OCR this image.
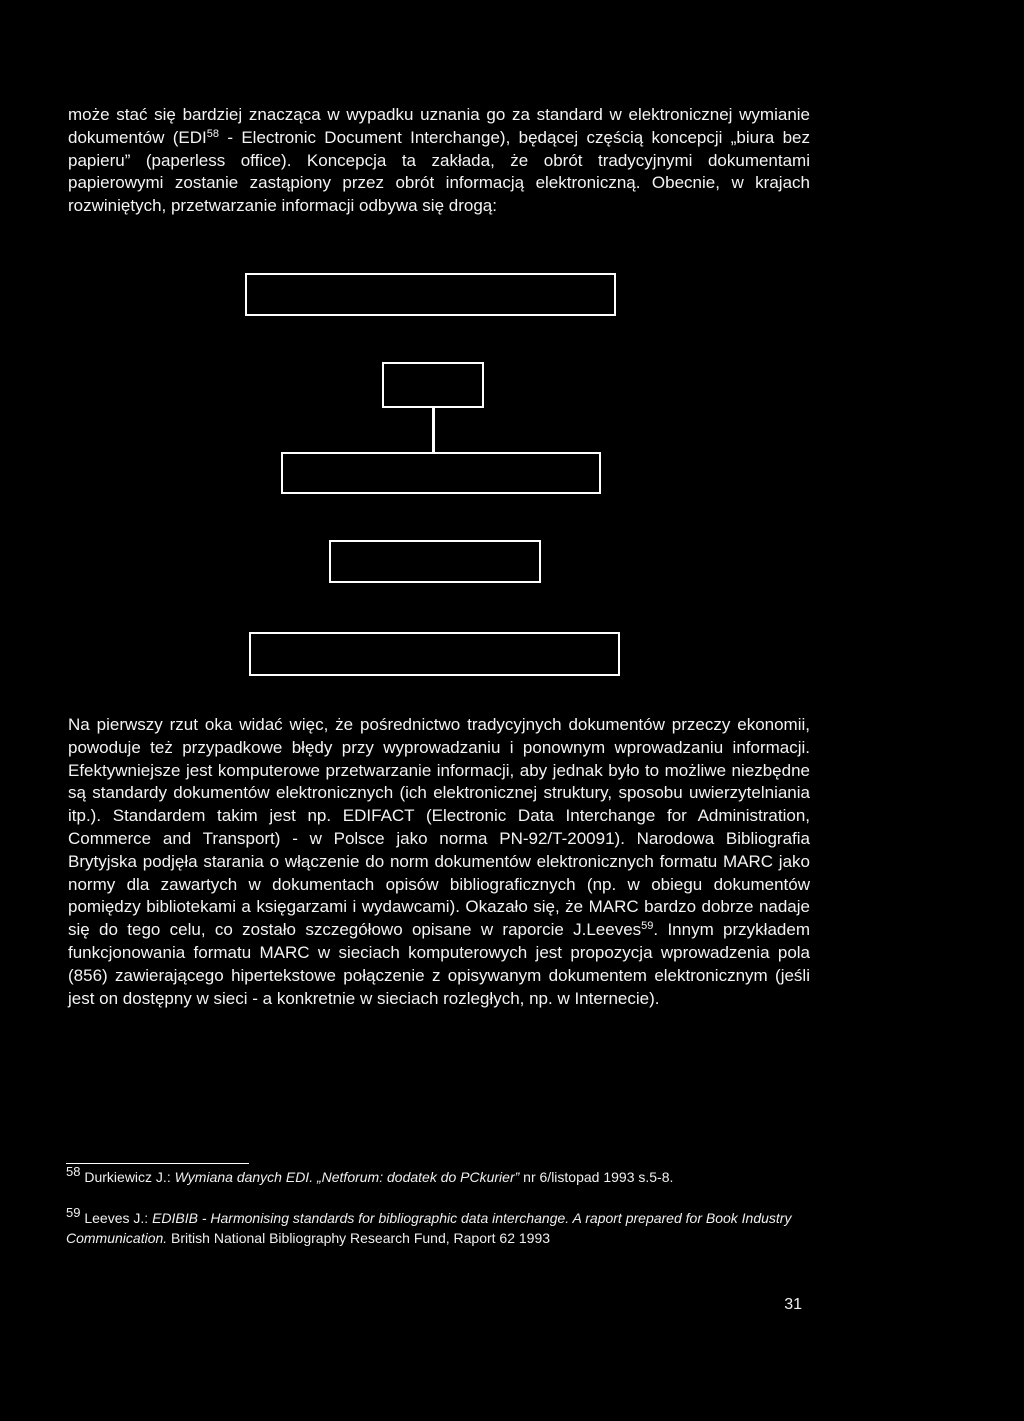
może stać się bardziej znacząca w wypadku uznania go za standard w elektronicznej wymianie dokumentów (EDI$^{58}$ - Electronic Document Interchange), będącej częścią koncepcji „biura bez papieru” (paperless office). Koncepcja ta zakłada, że obrót tradycyjnymi dokumentami papierowymi zostanie zastąpiony przez obrót informacją elektroniczną. Obecnie, w krajach rozwiniętych, przetwarzanie informacji odbywa się drogą:

Na pierwszy rzut oka widać więc, że pośrednictwo tradycyjnych dokumentów przeczy ekonomii, powoduje też przypadkowe błędy przy wyprowadzaniu i ponownym wprowadzaniu informacji. Efektywniejsze jest komputerowe przetwarzanie informacji, aby jednak było to możliwe niezbędne są standardy dokumentów elektronicznych (ich elektronicznej struktury, sposobu uwierzytelniania itp.). Standardem takim jest np. EDIFACT (Electronic Data Interchange for Administration, Commerce and Transport) - w Polsce jako norma PN-92/T-20091). Narodowa Bibliografia Brytyjska podjęła starania o włączenie do norm dokumentów elektronicznych formatu MARC jako normy dla zawartych w dokumentach opisów bibliograficznych (np. w obiegu dokumentów pomiędzy bibliotekami a księgarzami i wydawcami). Okazało się, że MARC bardzo dobrze nadaje się do tego celu, co zostało szczegółowo opisane w raporcie J.Leeves$^{59}$. Innym przykładem funkcjonowania formatu MARC w sieciach komputerowych jest propozycja wprowadzenia pola (856) zawierającego hipertekstowe połączenie z opisywanym dokumentem elektronicznym (jeśli jest on dostępny w sieci - a konkretnie w sieciach rozległych, np. w Internecie).

$^{58}$ Durkiewicz J.: Wymiana danych EDI. „Netforum: dodatek do PCkurier” nr 6/listopad 1993 s.5-8.

$^{59}$ Leeves J.: EDIBIB - Harmonising standards for bibliographic data interchange. A raport prepared for Book Industry Communication. British National Bibliography Research Fund, Raport 62 1993

31
